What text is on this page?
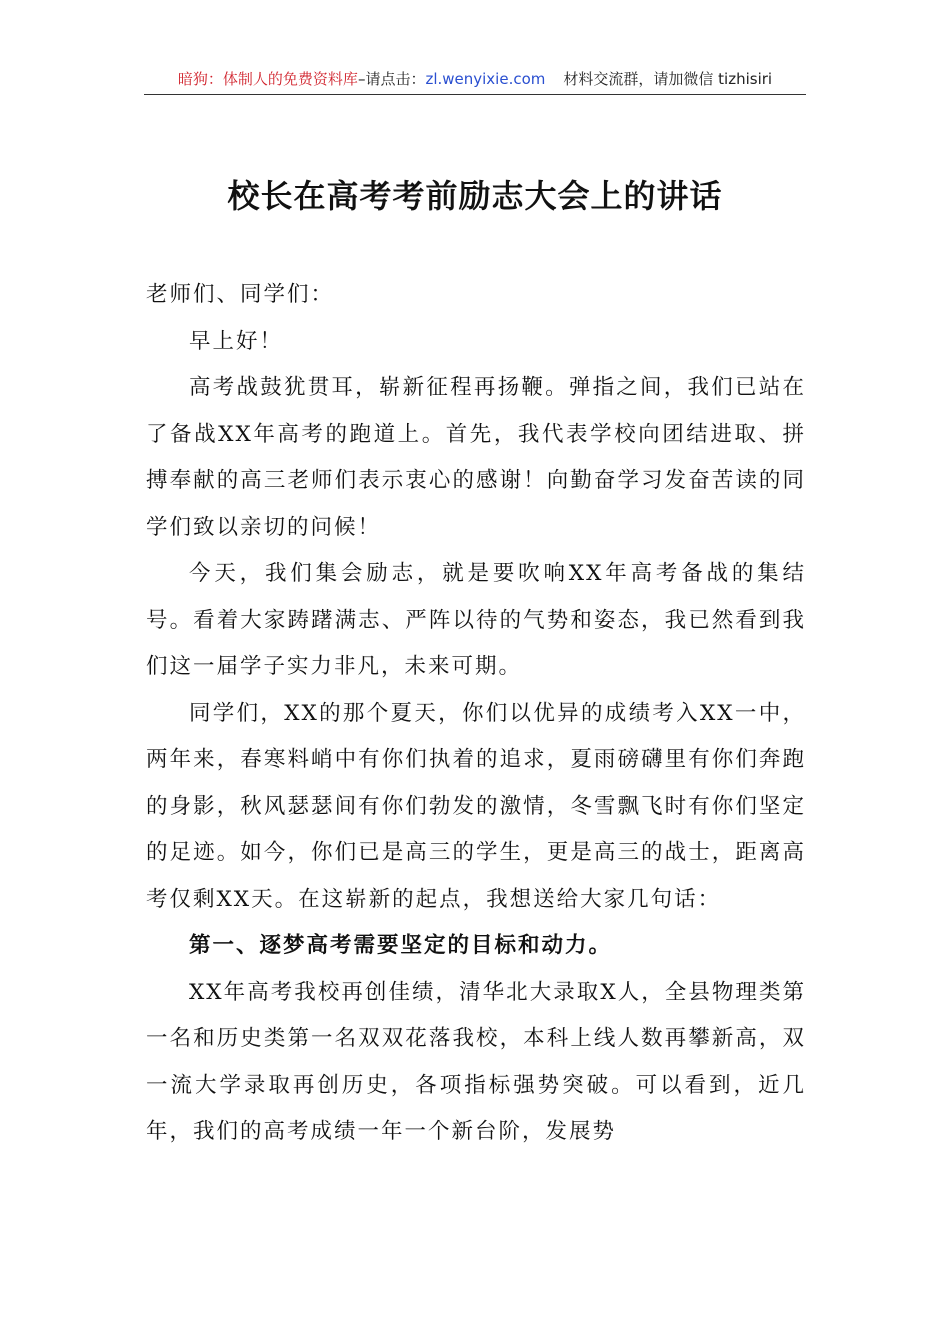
暗狗：体制人的免费资料库–请点击：zl.wenyixie.com 材料交流群，请加微信 tizhisiri
校长在高考考前励志大会上的讲话

老师们、同学们：

早上好！

高考战鼓犹贯耳，崭新征程再扬鞭。弹指之间，我们已站在了备战XX年高考的跑道上。首先，我代表学校向团结进取、拼搏奉献的高三老师们表示衷心的感谢！向勤奋学习发奋苦读的同学们致以亲切的问候！

今天，我们集会励志，就是要吹响XX年高考备战的集结号。看着大家踌躇满志、严阵以待的气势和姿态，我已然看到我们这一届学子实力非凡，未来可期。

同学们，XX的那个夏天，你们以优异的成绩考入XX一中，两年来，春寒料峭中有你们执着的追求，夏雨磅礴里有你们奔跑的身影，秋风瑟瑟间有你们勃发的激情，冬雪飘飞时有你们坚定的足迹。如今，你们已是高三的学生，更是高三的战士，距离高考仅剩XX天。在这崭新的起点，我想送给大家几句话：

第一、逐梦高考需要坚定的目标和动力。

XX年高考我校再创佳绩，清华北大录取X人，全县物理类第一名和历史类第一名双双花落我校，本科上线人数再攀新高，双一流大学录取再创历史，各项指标强势突破。可以看到，近几年，我们的高考成绩一年一个新台阶，发展势
